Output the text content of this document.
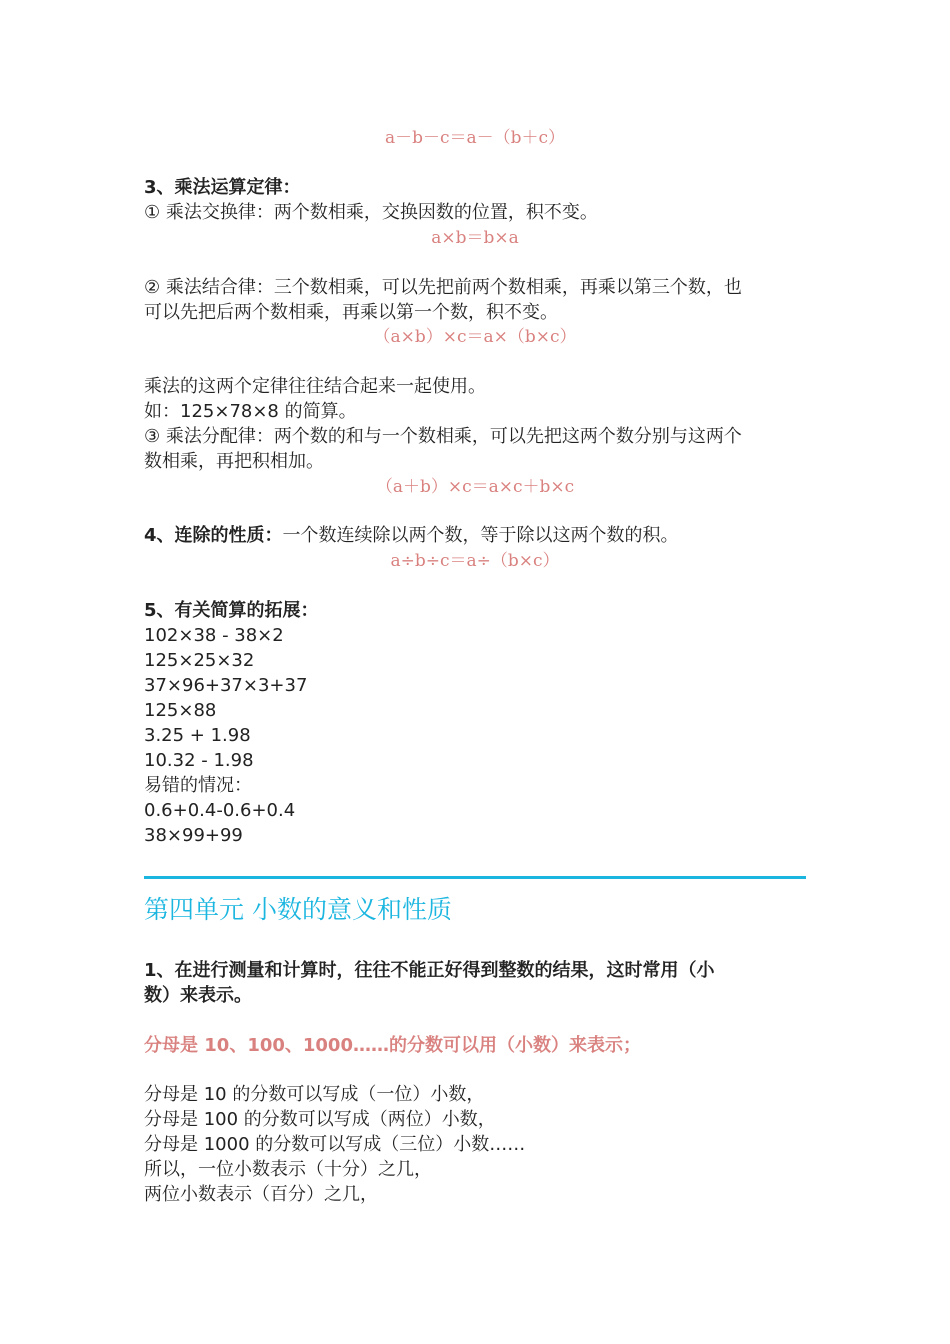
a－b－c＝a－（b＋c）
3、乘法运算定律：
① 乘法交换律：两个数相乘，交换因数的位置，积不变。
a×b＝b×a
② 乘法结合律：三个数相乘，可以先把前两个数相乘，再乘以第三个数，也
可以先把后两个数相乘，再乘以第一个数，积不变。
（a×b）×c＝a×（b×c）
乘法的这两个定律往往结合起来一起使用。
如：125×78×8 的简算。
③ 乘法分配律：两个数的和与一个数相乘，可以先把这两个数分别与这两个
数相乘，再把积相加。
（a＋b）×c＝a×c＋b×c
4、连除的性质：一个数连续除以两个数，等于除以这两个数的积。
a÷b÷c＝a÷（b×c）
5、有关简算的拓展：
102×38 - 38×2
125×25×32
37×96+37×3+37
125×88
3.25 + 1.98
10.32 - 1.98
易错的情况：
0.6+0.4-0.6+0.4
38×99+99
第四单元 小数的意义和性质
1、在进行测量和计算时，往往不能正好得到整数的结果，这时常用（小
数）来表示。
分母是 10、100、1000……的分数可以用（小数）来表示；
分母是 10 的分数可以写成（一位）小数，
分母是 100 的分数可以写成（两位）小数，
分母是 1000 的分数可以写成（三位）小数……
所以，一位小数表示（十分）之几，
两位小数表示（百分）之几，
